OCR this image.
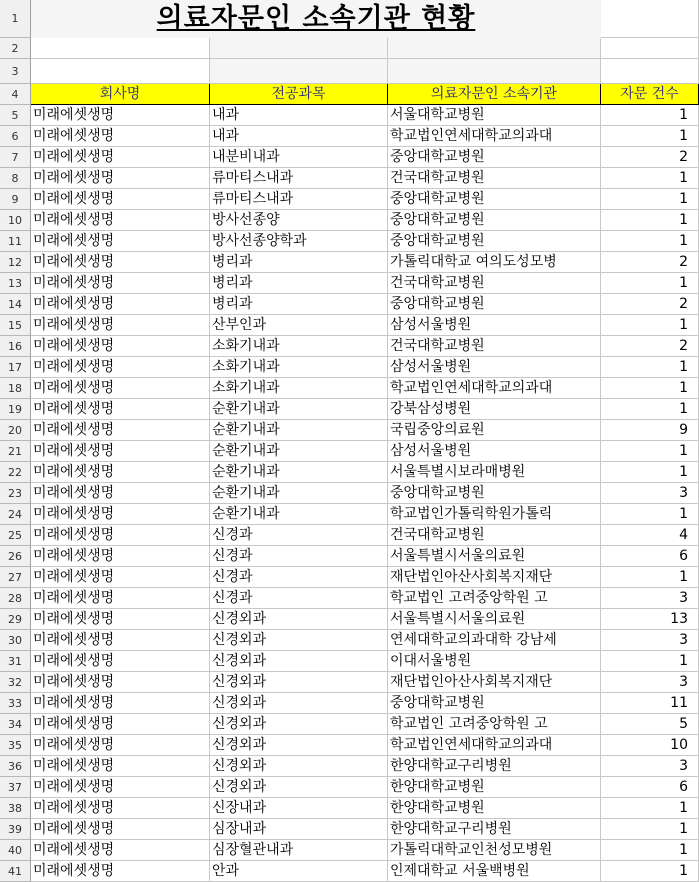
1	의료자문인 소속기관 현황
2
3
4	회사명	전공과목	의료자문인 소속기관	자문 건수
5	미래에셋생명	내과	서울대학교병원	1
6	미래에셋생명	내과	학교법인연세대학교의과대	1
7	미래에셋생명	내분비내과	중앙대학교병원	2
8	미래에셋생명	류마티스내과	건국대학교병원	1
9	미래에셋생명	류마티스내과	중앙대학교병원	1
10 미래에셋생명	방사선종양	중앙대학교병원	1
11 미래에셋생명	방사선종양학과	중앙대학교병원	1
12 미래에셋생명	병리과	가톨릭대학교 여의도성모병	2
13 미래에셋생명	병리과	건국대학교병원	1
14 미래에셋생명	병리과	중앙대학교병원	2
15 미래에셋생명	산부인과	삼성서울병원	1
16 미래에셋생명	소화기내과	건국대학교병원	2
17 미래에셋생명	소화기내과	삼성서울병원	1
18 미래에셋생명	소화기내과	학교법인연세대학교의과대	1
19 미래에셋생명	순환기내과	강북삼성병원	1
20 미래에셋생명	순환기내과	국립중앙의료원	9
21 미래에셋생명	순환기내과	삼성서울병원	1
22 미래에셋생명	순환기내과	서울특별시보라매병원	1
23 미래에셋생명	순환기내과	중앙대학교병원	3
24 미래에셋생명	순환기내과	학교법인가톨릭학원가톨릭	1
25 미래에셋생명	신경과	건국대학교병원	4
26 미래에셋생명	신경과	서울특별시서울의료원	6
27 미래에셋생명	신경과	재단법인아산사회복지재단	1
28 미래에셋생명	신경과	학교법인 고려중앙학원 고	3
29 미래에셋생명	신경외과	서울특별시서울의료원	13
30 미래에셋생명	신경외과	연세대학교의과대학 강남세	3
31 미래에셋생명	신경외과	이대서울병원	1
32 미래에셋생명	신경외과	재단법인아산사회복지재단	3
33 미래에셋생명	신경외과	중앙대학교병원	11
34 미래에셋생명	신경외과	학교법인 고려중앙학원 고	5
35 미래에셋생명	신경외과	학교법인연세대학교의과대	10
36 미래에셋생명	신경외과	한양대학교구리병원	3
37 미래에셋생명	신경외과	한양대학교병원	6
38 미래에셋생명	신장내과	한양대학교병원	1
39 미래에셋생명	심장내과	한양대학교구리병원	1
40 미래에셋생명	심장혈관내과	가톨릭대학교인천성모병원	1
41 미래에셋생명	안과	인제대학교 서울백병원	1
